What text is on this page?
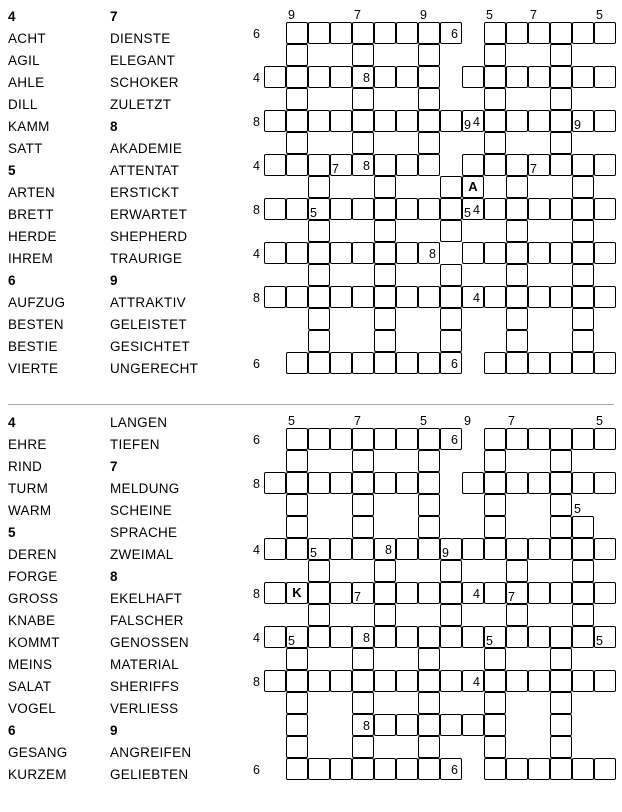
4
ACHT
AGIL
AHLE
DILL
KAMM
SATT
5
ARTEN
BRETT
HERDE
IHREM
6
AUFZUG
BESTEN
BESTIE
VIERTE
7
DIENSTE
ELEGANT
SCHOKER
ZULETZT
8
AKADEMIE
ATTENTAT
ERSTICKT
ERWARTET
SHEPHERD
TRAURIGE
9
ATTRAKTIV
GELEISTET
GESICHTET
UNGERECHT
A
9	7	9	5	7	5
6	6
4	8
8	4
4	8
9	9
8	4
7	7
4	8
5	5
8	4
6	6
4
EHRE
RIND
TURM
WARM
5
DEREN
FORGE
GROSS
KNABE
KOMMT
MEINS
SALAT
VOGEL
6
GESANG
KURZEM
LANGEN
TIEFEN
7
MELDUNG
SCHEINE
SPRACHE
ZWEIMAL
8
EKELHAFT
FALSCHER
GENOSSEN
MATERIAL
SHERIFFS
VERLIESS
9
ANGREIFEN
GELIEBTEN
K
5	7	5	9	7	5
6	6
8
5
4	8
5	9
8	4
7	7
4	8
5	5	5
8	4
8
6	6
